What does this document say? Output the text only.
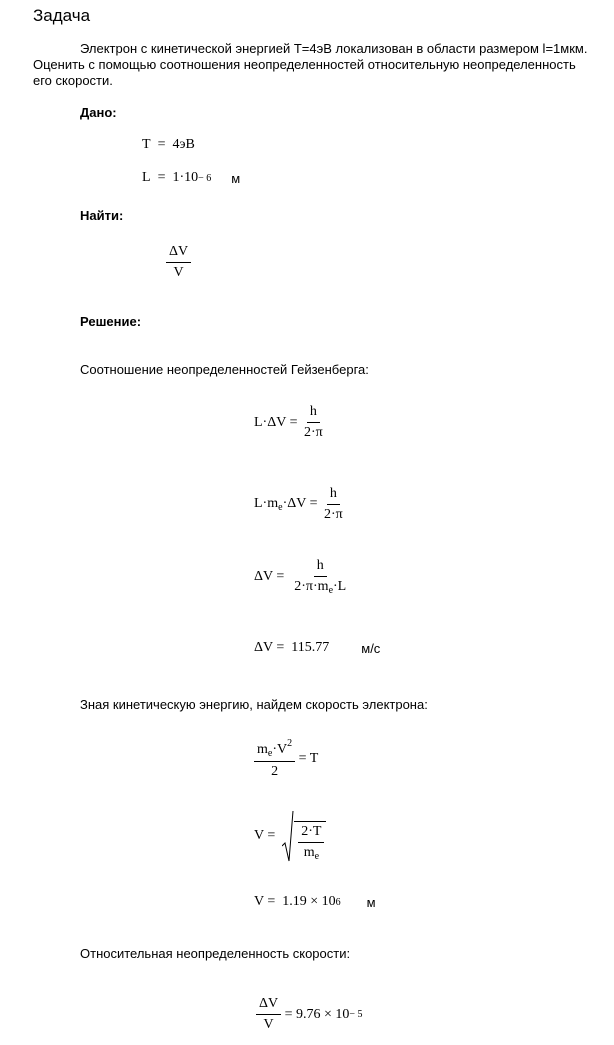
Задача
Электрон с кинетической энергией T=4эВ локализован в области размером l=1мкм. Оценить с помощью соотношения неопределенностей относительную неопределенность его скорости.
Дано:
T
=
4эВ
L
=
1·10 − 6 м
Найти:
$\frac{\Delta V}{V}$
Решение:
Соотношение неопределенностей Гейзенберга:
L·ΔV =
$\frac{h}{2\cdot\pi}$
$L\cdot m_e\cdot\Delta V$ =
$\frac{h}{2\cdot\pi}$
ΔV =
$\frac{h}{2\cdot\pi\cdot m_e\cdot L}$
ΔV =
115.77 м/с
Зная кинетическую энергию, найдем скорость электрона:
$\frac{m_e\cdot V^2}{2}$
= T
V =
$\frac{2\cdot T}{m_e}$
V =
1.19 × 10 6 м
Относительная неопределенность скорости:
$\frac{\Delta V}{V}$
= 9.76 × 10 − 5
